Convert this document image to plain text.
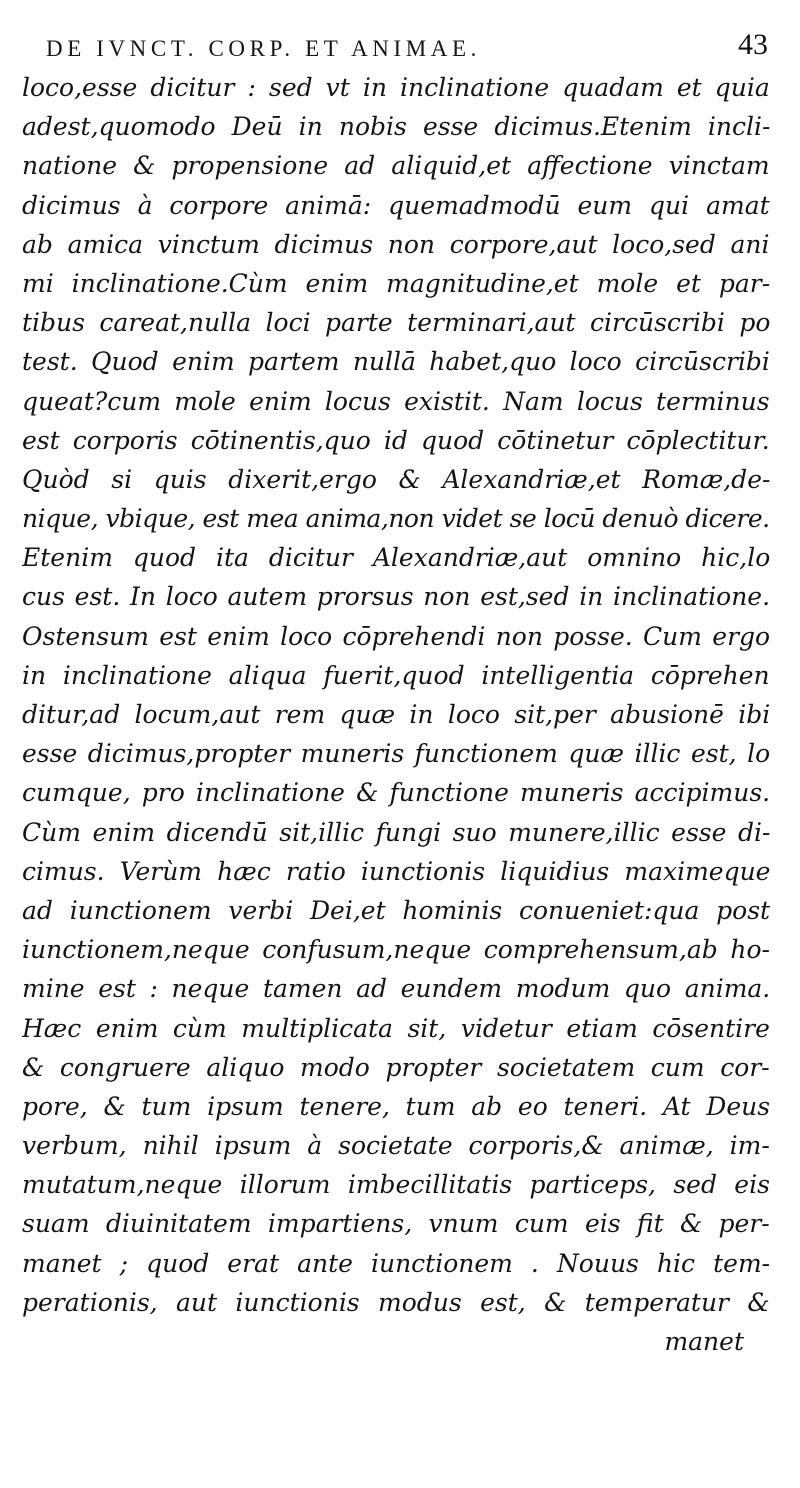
DE IVNCT. CORP. ET ANIMAE.	43
loco,esse dicitur : sed vt in inclinatione quadam et quia
adest,quomodo Deū in nobis esse dicimus.Etenim incli-
natione & propensione ad aliquid,et affectione vinctam
dicimus à corpore animā: quemadmodū eum qui amat
ab amica vinctum dicimus non corpore,aut loco,sed ani
mi inclinatione.Cùm enim magnitudine,et mole et par-
tibus careat,nulla loci parte terminari,aut circūscribi po
test. Quod enim partem nullā habet,quo loco circūscribi
queat?cum mole enim locus existit. Nam locus terminus
est corporis cōtinentis,quo id quod cōtinetur cōplectitur.
Quòd si quis dixerit,ergo & Alexandriæ,et Romæ,de-
nique, vbique, est mea anima,non videt se locū denuò dicere.
Etenim quod ita dicitur Alexandriæ,aut omnino hic,lo
cus est. In loco autem prorsus non est,sed in inclinatione.
Ostensum est enim loco cōprehendi non posse. Cum ergo
in inclinatione aliqua fuerit,quod intelligentia cōprehen
ditur,ad locum,aut rem quæ in loco sit,per abusionē ibi
esse dicimus,propter muneris functionem quæ illic est, lo
cumque, pro inclinatione & functione muneris accipimus.
Cùm enim dicendū sit,illic fungi suo munere,illic esse di-
cimus. Verùm hæc ratio iunctionis liquidius maximeque
ad iunctionem verbi Dei,et hominis conueniet:qua post
iunctionem,neque confusum,neque comprehensum,ab ho-
mine est : neque tamen ad eundem modum quo anima.
Hæc enim cùm multiplicata sit, videtur etiam cōsentire
& congruere aliquo modo propter societatem cum cor-
pore, & tum ipsum tenere, tum ab eo teneri. At Deus
verbum, nihil ipsum à societate corporis,& animæ, im-
mutatum,neque illorum imbecillitatis particeps, sed eis
suam diuinitatem impartiens, vnum cum eis fit & per-
manet ; quod erat ante iunctionem . Nouus hic tem-
perationis, aut iunctionis modus est, & temperatur &
manet
